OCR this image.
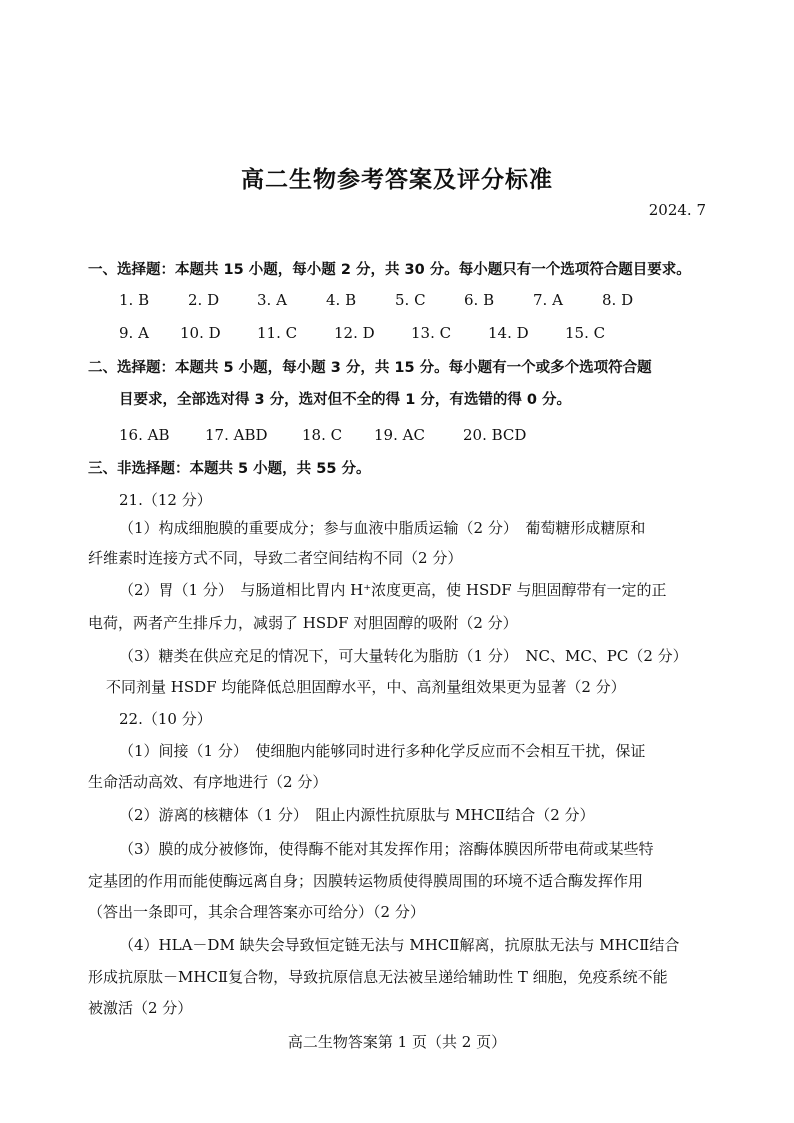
高二生物参考答案及评分标准
2024. 7
一、选择题：本题共 15 小题，每小题 2 分，共 30 分。每小题只有一个选项符合题目要求。
1. B	2. D	3. A	4. B	5. C	6. B	7. A	8. D
9. A 10. D 11. C 12. D 13. C 14. D 15. C
二、选择题：本题共 5 小题，每小题 3 分，共 15 分。每小题有一个或多个选项符合题
目要求，全部选对得 3 分，选对但不全的得 1 分，有选错的得 0 分。
16. AB 17. ABD 18. C 19. AC	20. BCD
三、非选择题：本题共 5 小题，共 55 分。
21.（12 分）
（1）构成细胞膜的重要成分；参与血液中脂质运输（2 分）　葡萄糖形成糖原和
纤维素时连接方式不同，导致二者空间结构不同（2 分）
（2）胃（1 分）　与肠道相比胃内 H⁺浓度更高，使 HSDF 与胆固醇带有一定的正
电荷，两者产生排斥力，减弱了 HSDF 对胆固醇的吸附（2 分）
（3）糖类在供应充足的情况下，可大量转化为脂肪（1 分）　NC、MC、PC（2 分）
不同剂量 HSDF 均能降低总胆固醇水平，中、高剂量组效果更为显著（2 分）
22.（10 分）
（1）间接（1 分）　使细胞内能够同时进行多种化学反应而不会相互干扰，保证
生命活动高效、有序地进行（2 分）
（2）游离的核糖体（1 分）　阻止内源性抗原肽与 MHCⅡ结合（2 分）
（3）膜的成分被修饰，使得酶不能对其发挥作用；溶酶体膜因所带电荷或某些特
定基团的作用而能使酶远离自身；因膜转运物质使得膜周围的环境不适合酶发挥作用
（答出一条即可，其余合理答案亦可给分）（2 分）
（4）HLA－DM 缺失会导致恒定链无法与 MHCⅡ解离，抗原肽无法与 MHCⅡ结合
形成抗原肽－MHCⅡ复合物，导致抗原信息无法被呈递给辅助性 T 细胞，免疫系统不能
被激活（2 分）
高二生物答案第 1 页（共 2 页）
